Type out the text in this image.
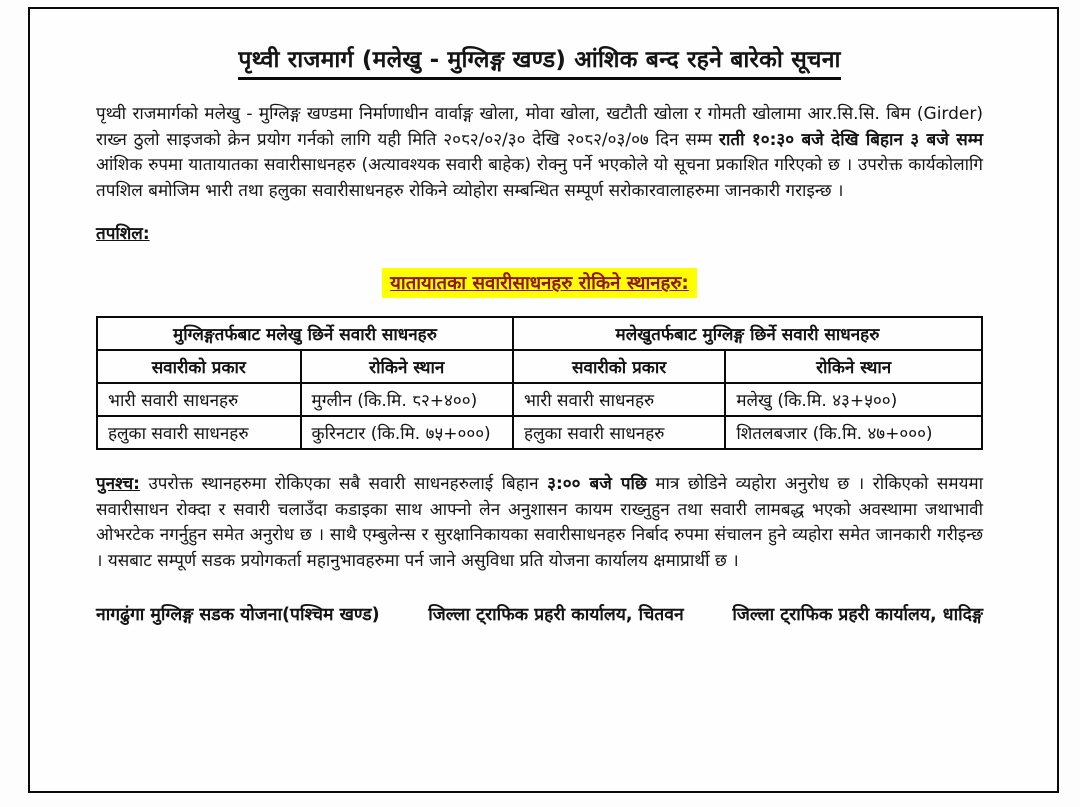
पृथ्वी राजमार्ग (मलेखु - मुग्लिङ्ग खण्ड) आंशिक बन्द रहने बारेको सूचना

पृथ्वी राजमार्गको मलेखु - मुग्लिङ्ग खण्डमा निर्माणाधीन वार्वाङ्ग खोला, मोवा खोला, खटौती खोला र गोमती खोलामा आर.सि.सि. बिम (Girder) राख्न ठुलो साइजको क्रेन प्रयोग गर्नको लागि यही मिति २०८२/०२/३० देखि २०८२/०३/०७ दिन सम्म राती १०:३० बजे देखि बिहान ३ बजे सम्म आंशिक रुपमा यातायातका सवारीसाधनहरु (अत्यावश्यक सवारी बाहेक) रोक्नु पर्ने भएकोले यो सूचना प्रकाशित गरिएको छ । उपरोक्त कार्यकोलागि तपशिल बमोजिम भारी तथा हलुका सवारीसाधनहरु रोकिने व्योहोरा सम्बन्धित सम्पूर्ण सरोकारवालाहरुमा जानकारी गराइन्छ ।

तपशिल:
यातायातका सवारीसाधनहरु रोकिने स्थानहरु:
मुग्लिङ्गतर्फबाट मलेखु छिर्ने सवारी साधनहरु		मलेखुतर्फबाट मुग्लिङ्ग छिर्ने सवारी साधनहरु	
सवारीको प्रकार	रोकिने स्थान	सवारीको प्रकार	रोकिने स्थान
भारी सवारी साधनहरु	मुग्लीन (कि.मि. ८२+४००)	भारी सवारी साधनहरु	मलेखु (कि.मि. ४३+५००)
हलुका सवारी साधनहरु	कुरिनटार (कि.मि. ७५+०००)	हलुका सवारी साधनहरु	शितलबजार (कि.मि. ४७+०००)

पुनश्च: उपरोक्त स्थानहरुमा रोकिएका सबै सवारी साधनहरुलाई बिहान ३:०० बजे पछि मात्र छोडिने व्यहोरा अनुरोध छ । रोकिएको समयमा सवारीसाधन रोक्दा र सवारी चलाउँदा कडाइका साथ आफ्नो लेन अनुशासन कायम राख्नुहुन तथा सवारी लामबद्ध भएको अवस्थामा जथाभावी ओभरटेक नगर्नुहुन समेत अनुरोध छ । साथै एम्बुलेन्स र सुरक्षानिकायका सवारीसाधनहरु निर्बाद रुपमा संचालन हुने व्यहोरा समेत जानकारी गरीइन्छ । यसबाट सम्पूर्ण सडक प्रयोगकर्ता महानुभावहरुमा पर्न जाने असुविधा प्रति योजना कार्यालय क्षमाप्रार्थी छ ।

नागढुंगा मुग्लिङ्ग सडक योजना(पश्चिम खण्ड)	जिल्ला ट्राफिक प्रहरी कार्यालय, चितवन	जिल्ला ट्राफिक प्रहरी कार्यालय, धादिङ्ग
